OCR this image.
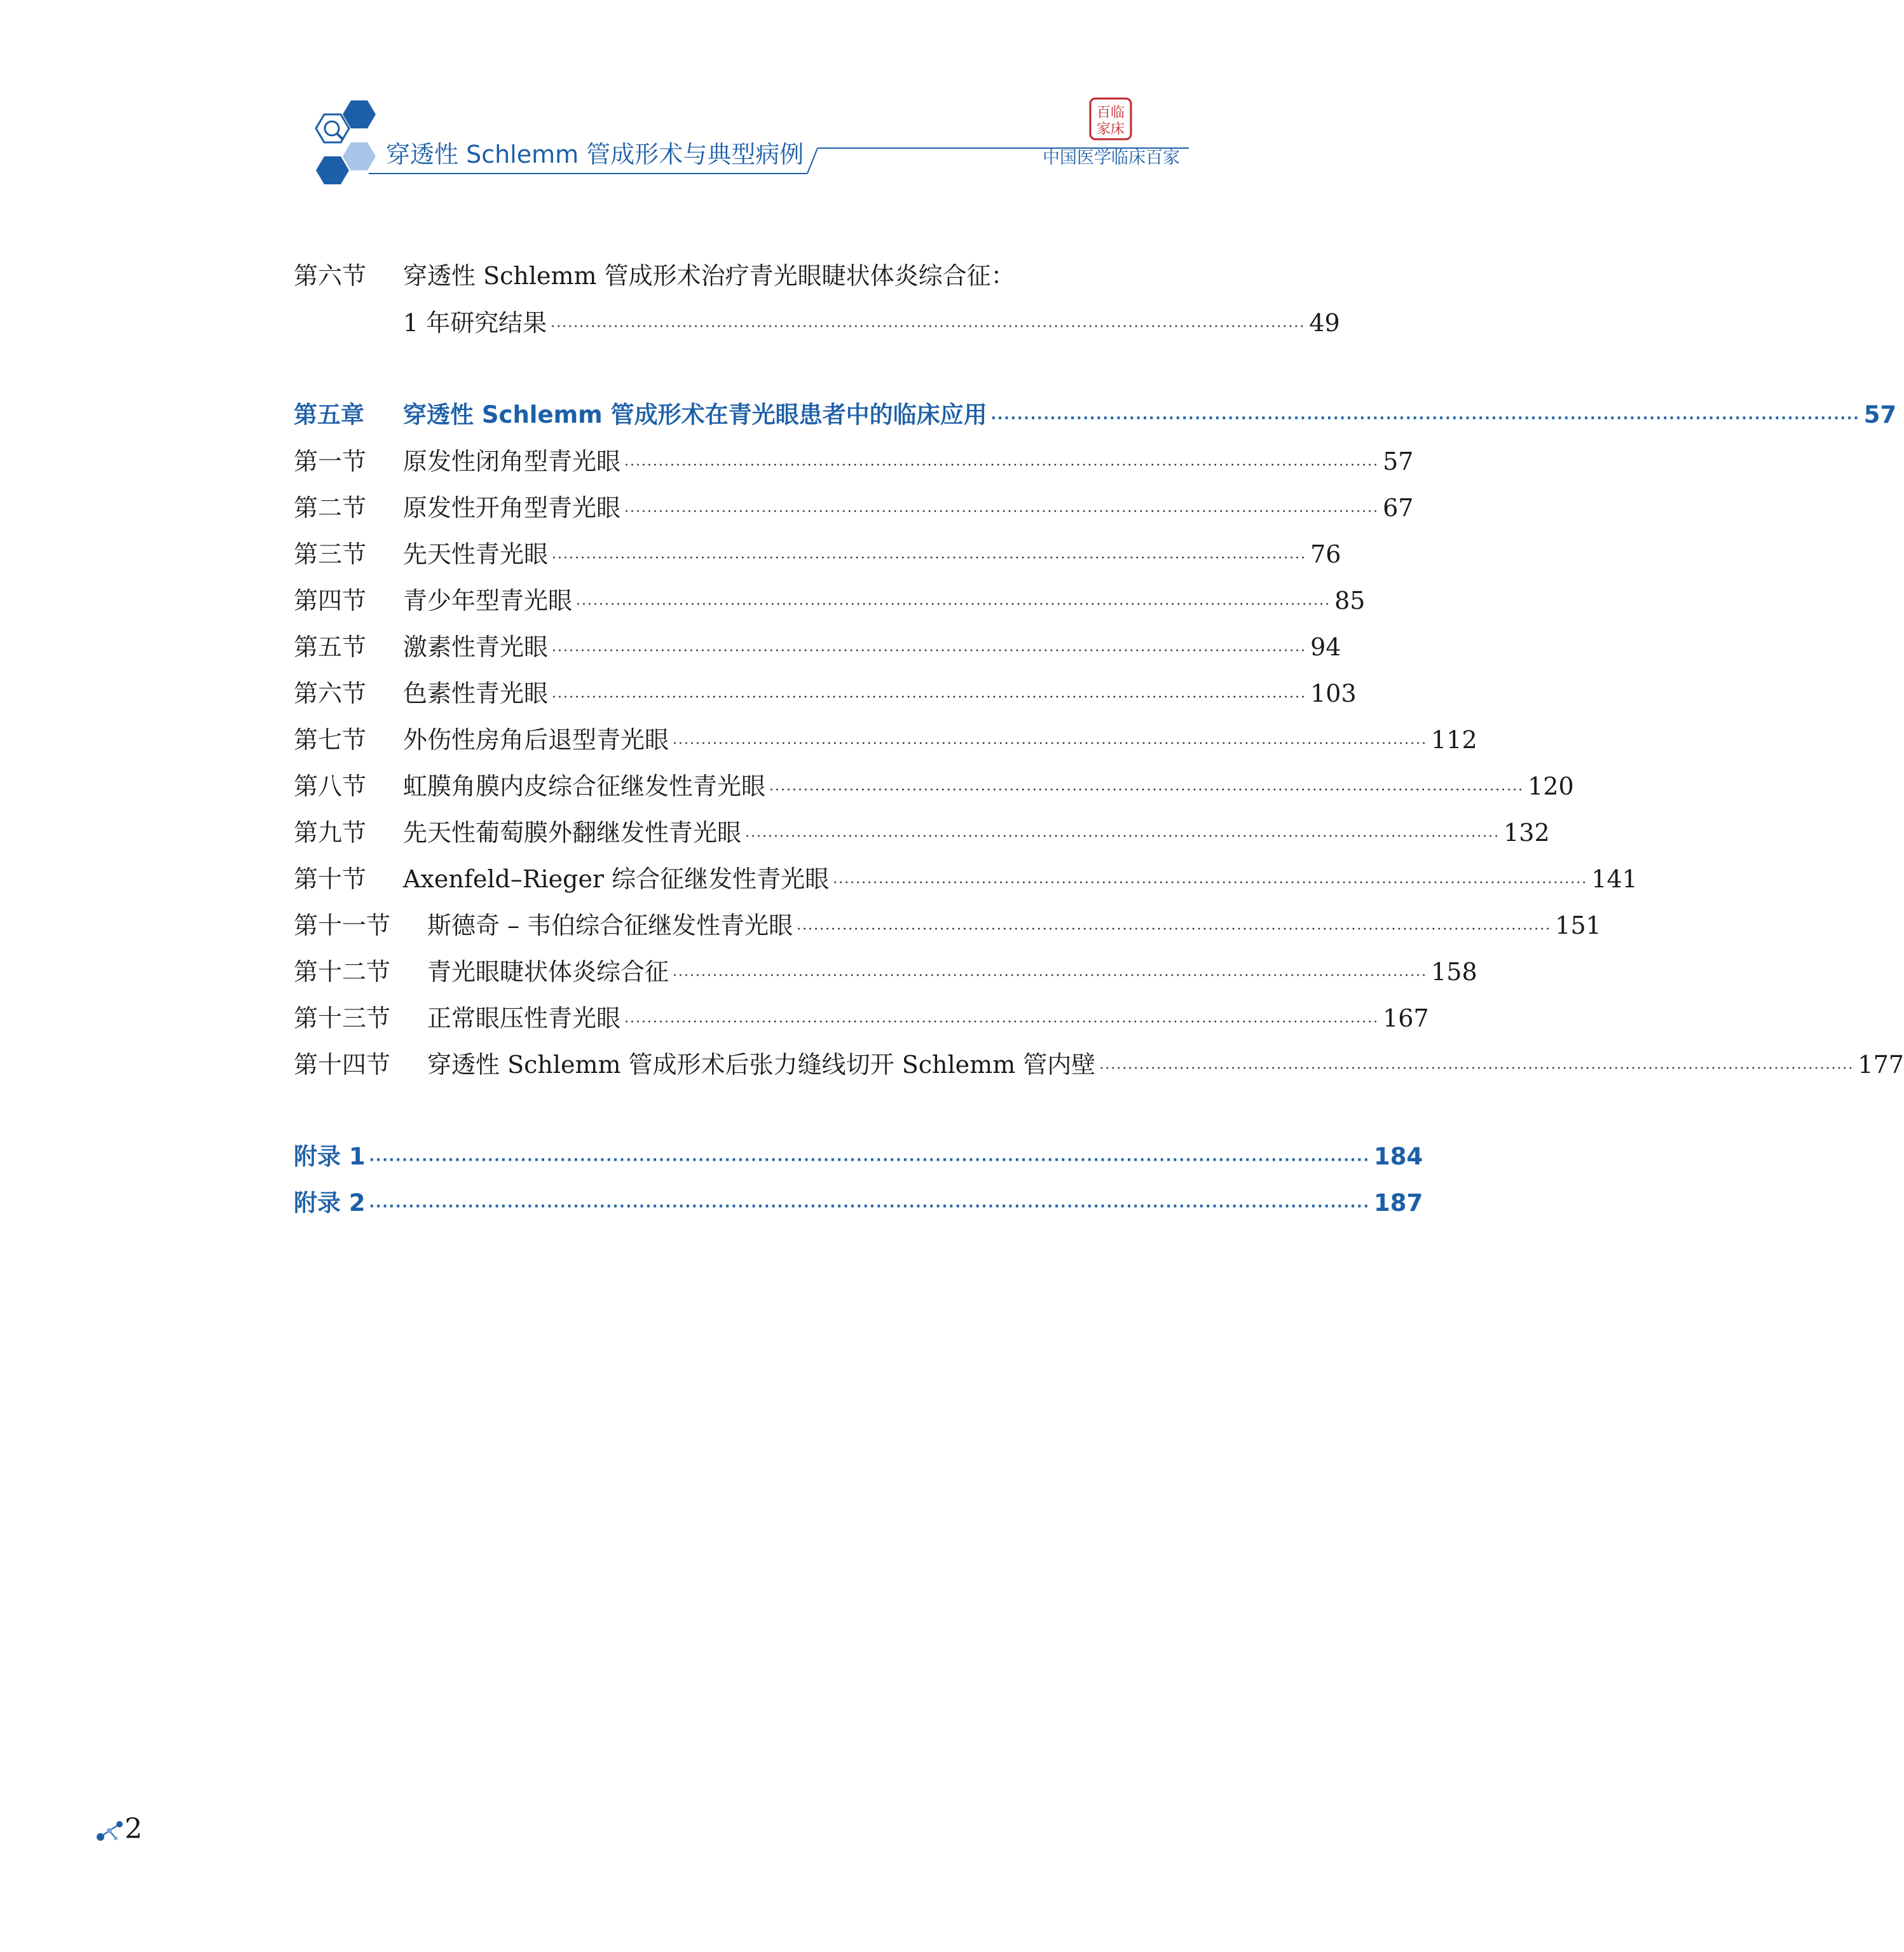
穿透性 Schlemm 管成形术与典型病例
百临
家床
中国医学临床百家
第六节	穿透性 Schlemm 管成形术治疗青光眼睫状体炎综合征：
1 年研究结果 ···································································································································· 49
第五章	穿透性 Schlemm 管成形术在青光眼患者中的临床应用 ···································································································································· 57
第一节	原发性闭角型青光眼 ···································································································································· 57
第二节	原发性开角型青光眼 ···································································································································· 67
第三节	先天性青光眼 ···································································································································· 76
第四节	青少年型青光眼 ···································································································································· 85
第五节	激素性青光眼 ···································································································································· 94
第六节	色素性青光眼 ···································································································································· 103
第七节	外伤性房角后退型青光眼 ···································································································································· 112
第八节	虹膜角膜内皮综合征继发性青光眼 ···································································································································· 120
第九节	先天性葡萄膜外翻继发性青光眼 ···································································································································· 132
第十节	Axenfeld–Rieger 综合征继发性青光眼 ···································································································································· 141
第十一节	斯德奇 – 韦伯综合征继发性青光眼 ···································································································································· 151
第十二节	青光眼睫状体炎综合征 ···································································································································· 158
第十三节	正常眼压性青光眼 ···································································································································· 167
第十四节	穿透性 Schlemm 管成形术后张力缝线切开 Schlemm 管内壁 ···································································································································· 177
附录 1 ························································································································································ 184
附录 2 ························································································································································ 187
2
